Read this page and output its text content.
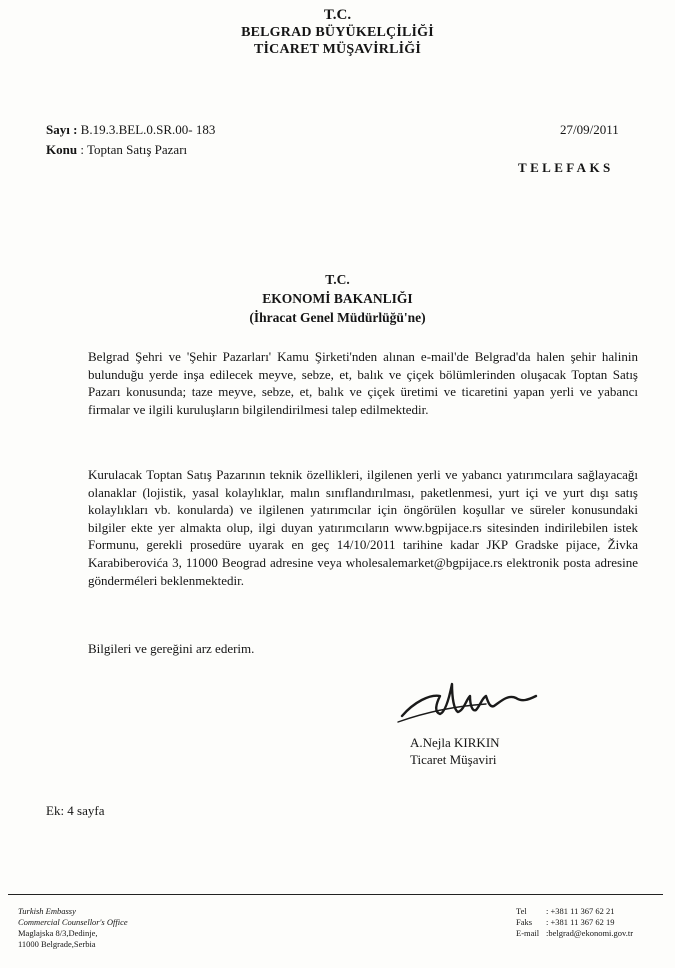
T.C.
BELGRAD BÜYÜKELÇİLİĞİ
TİCARET MÜŞAVİRLİĞİ
Sayı : B.19.3.BEL.0.SR.00- 183
Konu : Toptan Satış Pazarı
27/09/2011
TELEFAKS
T.C.
EKONOMİ BAKANLIĞI
(İhracat Genel Müdürlüğü'ne)
Belgrad Şehri ve 'Şehir Pazarları' Kamu Şirketi'nden alınan e-mail'de Belgrad'da halen şehir halinin bulunduğu yerde inşa edilecek meyve, sebze, et, balık ve çiçek bölümlerinden oluşacak Toptan Satış Pazarı konusunda; taze meyve, sebze, et, balık ve çiçek üretimi ve ticaretini yapan yerli ve yabancı firmalar ve ilgili kuruluşların bilgilendirilmesi talep edilmektedir.
Kurulacak Toptan Satış Pazarının teknik özellikleri, ilgilenen yerli ve yabancı yatırımcılara sağlayacağı olanaklar (lojistik, yasal kolaylıklar, malın sınıflandırılması, paketlenmesi, yurt içi ve yurt dışı satış kolaylıkları vb. konularda) ve ilgilenen yatırımcılar için öngörülen koşullar ve süreler konusundaki bilgiler ekte yer almakta olup, ilgi duyan yatırımcıların www.bgpijace.rs sitesinden indirilebilen istek Formunu, gerekli prosedüre uyarak en geç 14/10/2011 tarihine kadar JKP Gradske pijace, Živka Karabiberovića 3, 11000 Beograd adresine veya wholesalemarket@bgpijace.rs elektronik posta adresine gönderméleri beklenmektedir.
Bilgileri ve gereğini arz ederim.
A.Nejla KIRKIN
Ticaret Müşaviri
Ek: 4 sayfa
Turkish Embassy
Commercial Counsellor's Office
Maglajska 8/3,Dedinje,
11000 Belgrade,Serbia
Tel : +381 11 367 62 21
Faks : +381 11 367 62 19
E-mail :belgrad@ekonomi.gov.tr
